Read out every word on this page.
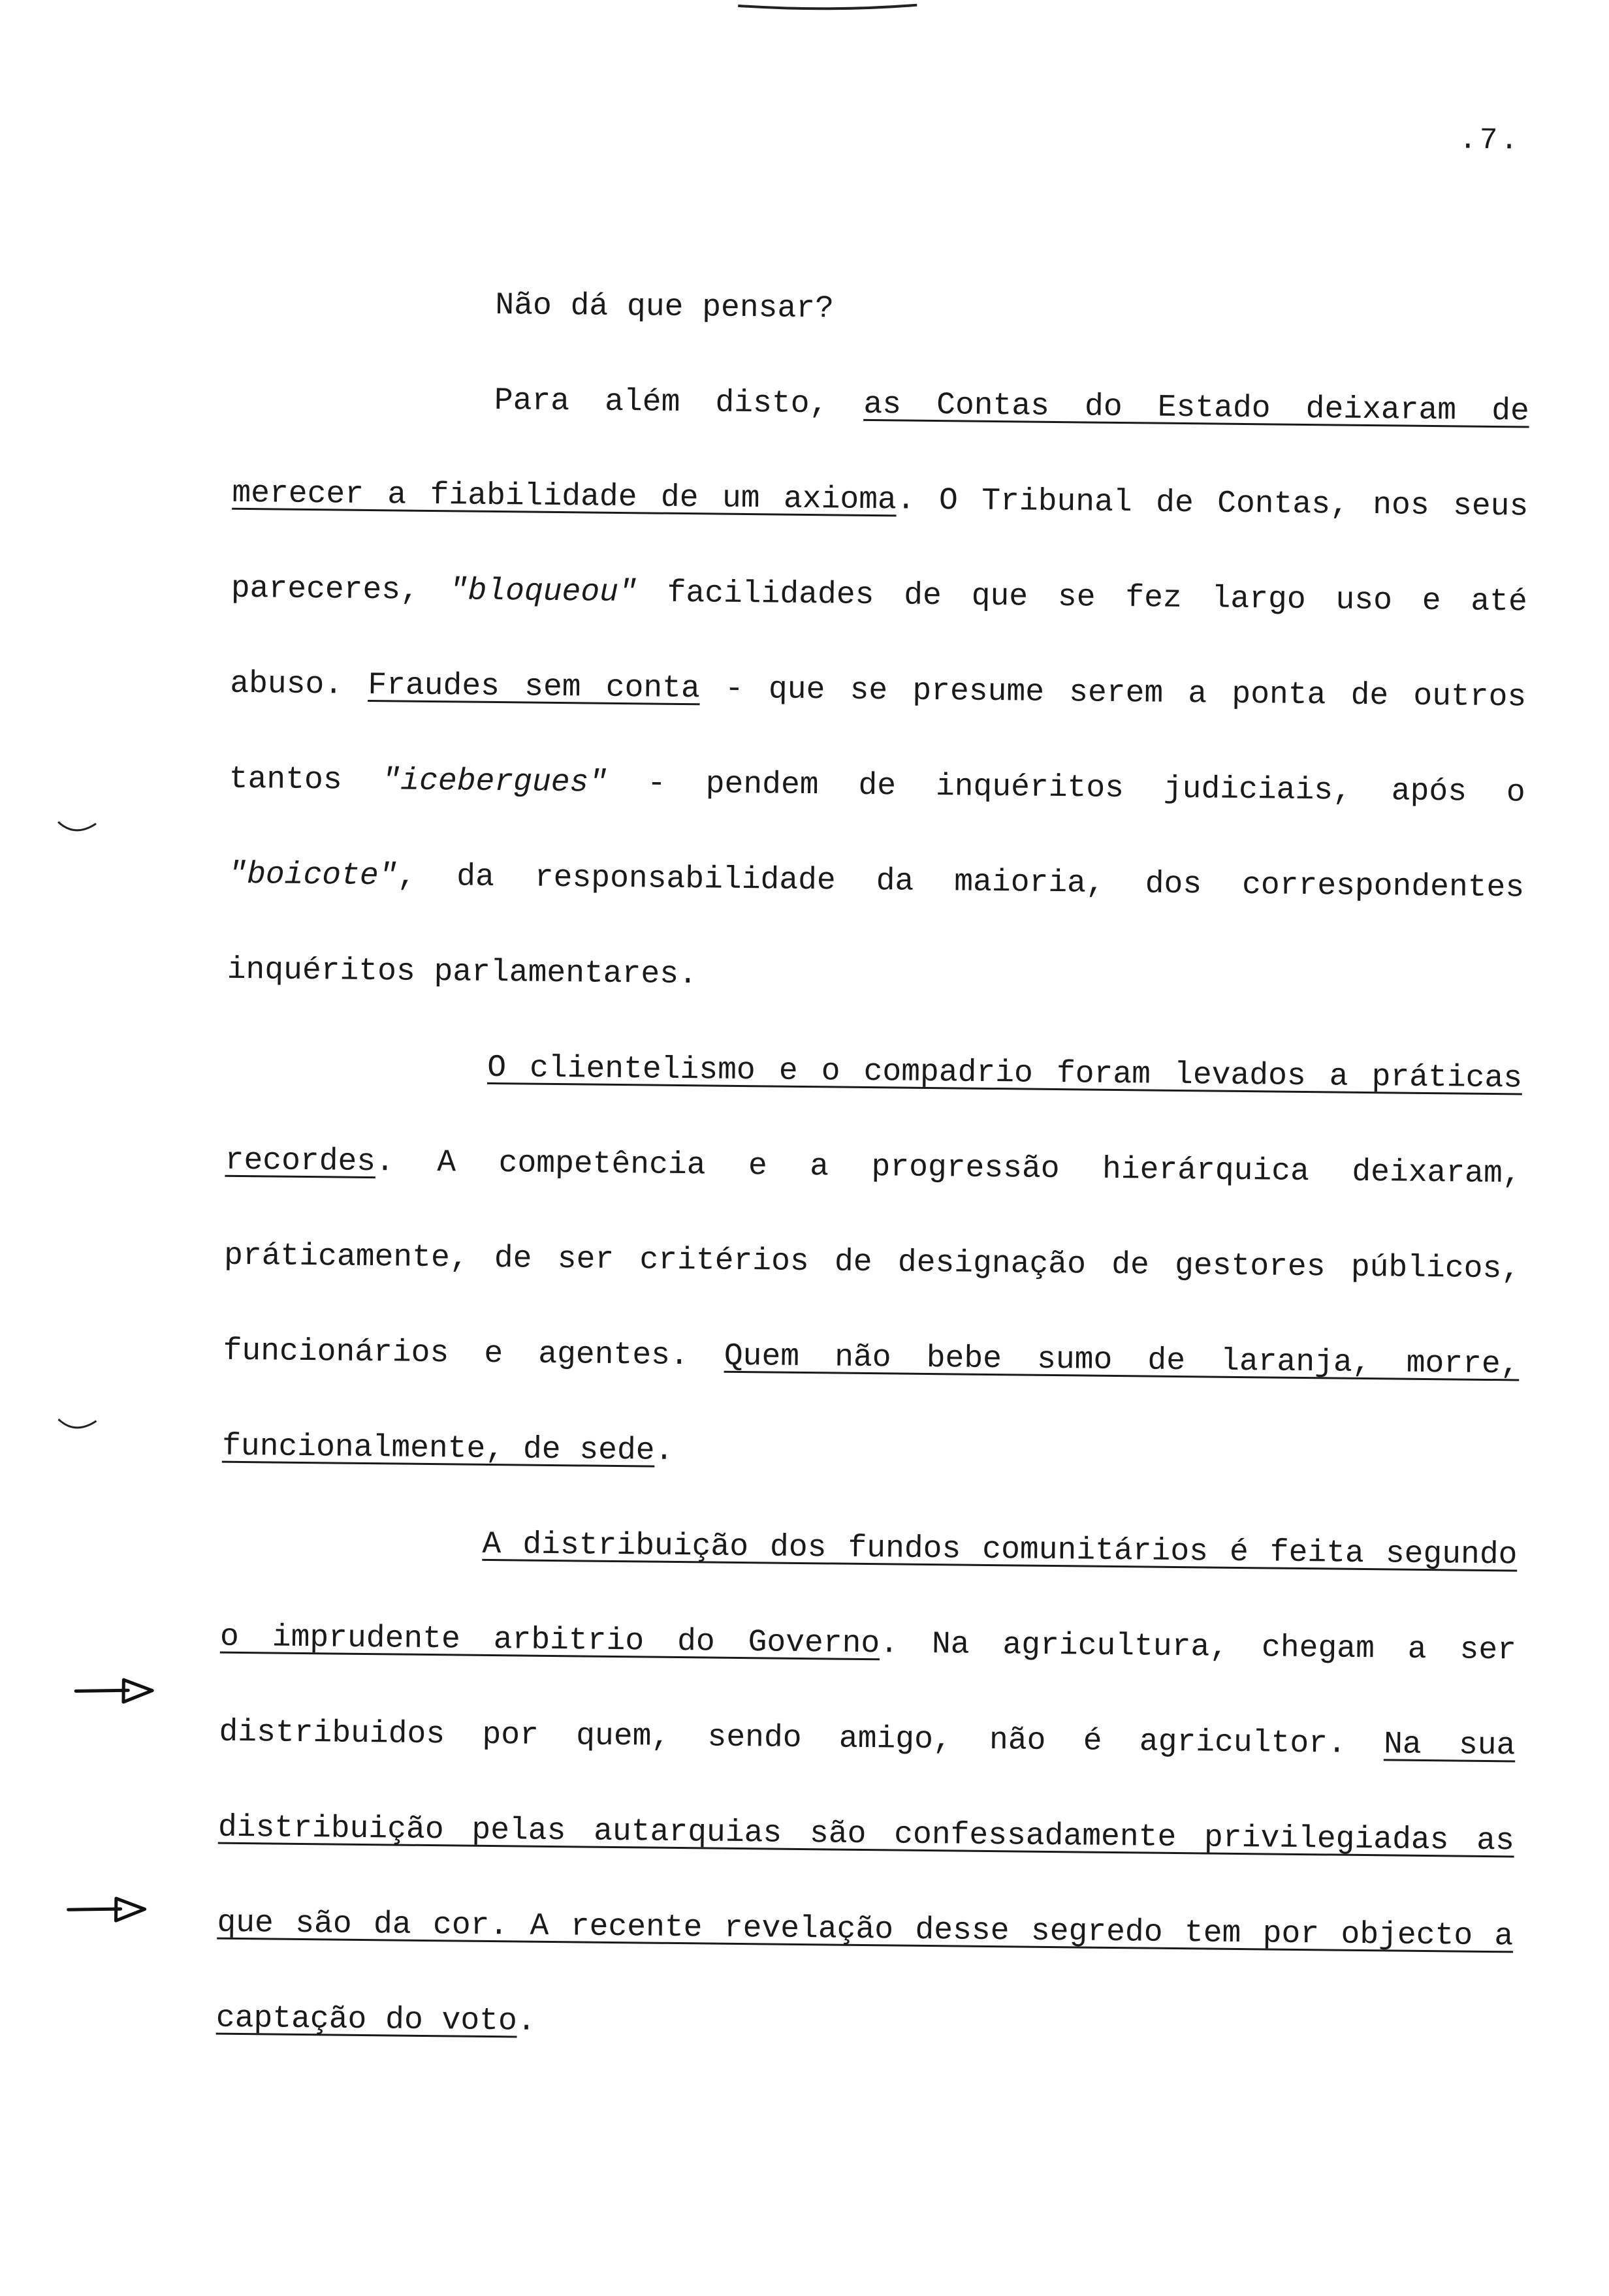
.7.

Não dá que pensar?

Para além disto, as Contas do Estado deixaram de merecer a fiabilidade de um axioma. O Tribunal de Contas, nos seus pareceres, "bloqueou" facilidades de que se fez largo uso e até abuso. Fraudes sem conta - que se presume serem a ponta de outros tantos "icebergues" - pendem de inquéritos judiciais, após o "boicote", da responsabilidade da maioria, dos correspondentes inquéritos parlamentares.

O clientelismo e o compadrio foram levados a práticas recordes. A competência e a progressão hierárquica deixaram, práticamente, de ser critérios de designação de gestores públicos, funcionários e agentes. Quem não bebe sumo de laranja, morre, funcionalmente, de sede.

A distribuição dos fundos comunitários é feita segundo o imprudente arbitrio do Governo. Na agricultura, chegam a ser distribuidos por quem, sendo amigo, não é agricultor. Na sua distribuição pelas autarquias são confessadamente privilegiadas as que são da cor. A recente revelação desse segredo tem por objecto a captação do voto.
